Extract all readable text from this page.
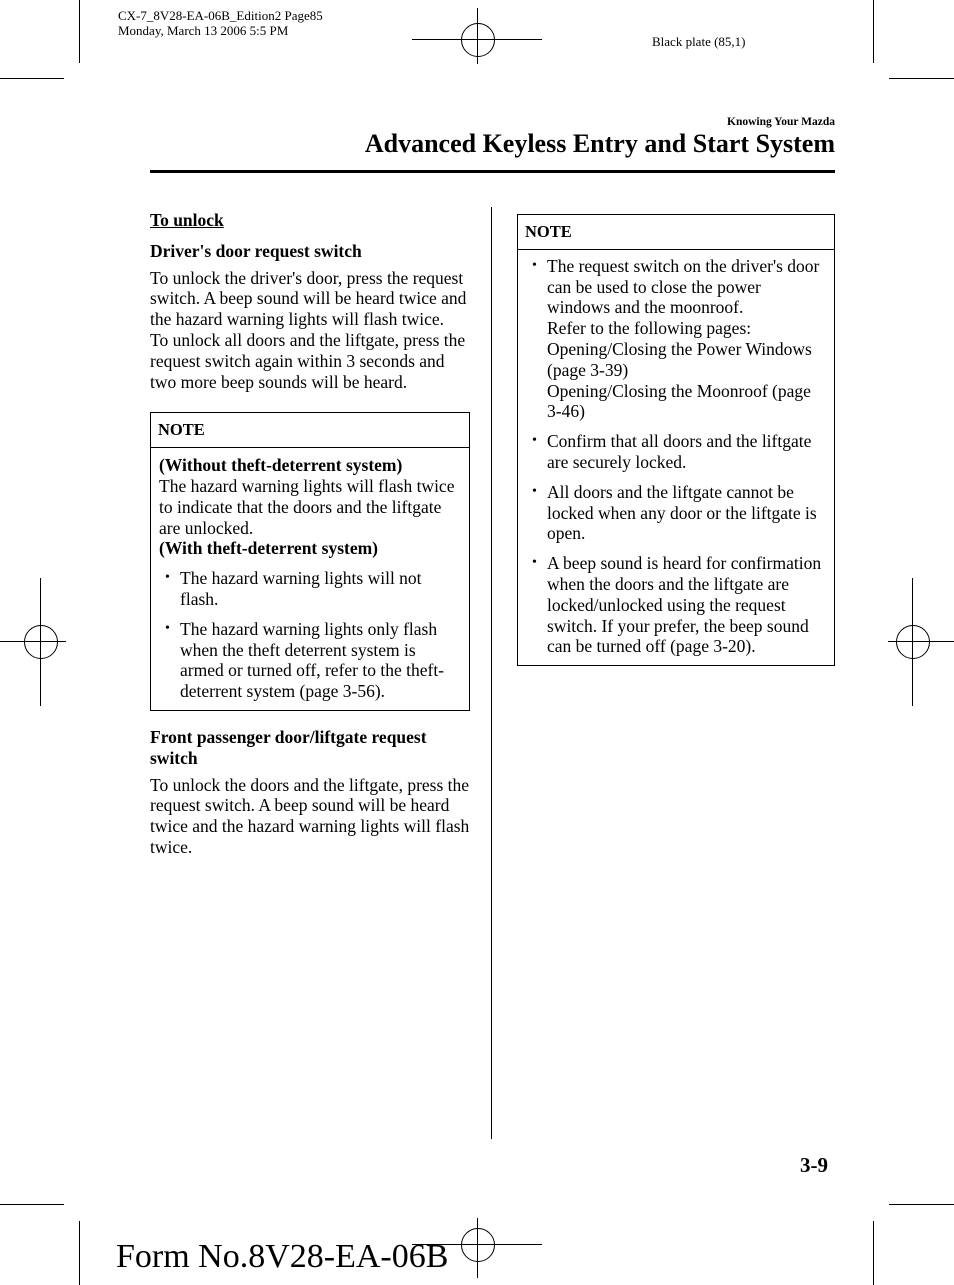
CX-7_8V28-EA-06B_Edition2 Page85
Monday, March 13 2006 5:5 PM
Black plate (85,1)
Knowing Your Mazda
Advanced Keyless Entry and Start System

To unlock

Driver's door request switch

To unlock the driver's door, press the request switch. A beep sound will be heard twice and the hazard warning lights will flash twice.

To unlock all doors and the liftgate, press the request switch again within 3 seconds and two more beep sounds will be heard.

NOTE

(Without theft-deterrent system)

The hazard warning lights will flash twice to indicate that the doors and the liftgate are unlocked.

(With theft-deterrent system)

• The hazard warning lights will not flash.
• The hazard warning lights only flash when the theft deterrent system is armed or turned off, refer to the theft-deterrent system (page 3-56).

Front passenger door/liftgate request switch

To unlock the doors and the liftgate, press the request switch. A beep sound will be heard twice and the hazard warning lights will flash twice.

NOTE
• The request switch on the driver's door can be used to close the power windows and the moonroof.
Refer to the following pages:
Opening/Closing the Power Windows (page 3-39)
Opening/Closing the Moonroof (page 3-46)
• Confirm that all doors and the liftgate are securely locked.
• All doors and the liftgate cannot be locked when any door or the liftgate is open.
• A beep sound is heard for confirmation when the doors and the liftgate are locked/unlocked using the request switch. If your prefer, the beep sound can be turned off (page 3-20).
3-9
Form No.8V28-EA-06B
